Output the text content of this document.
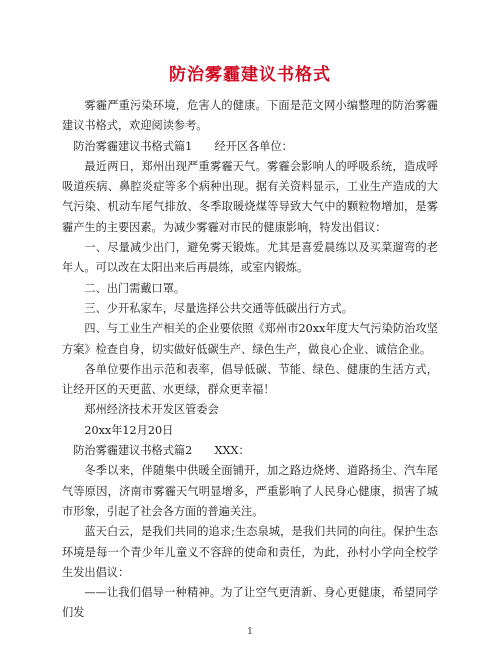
防治雾霾建议书格式

雾霾严重污染环境，危害人的健康。下面是范文网小编整理的防治雾霾建议书格式，欢迎阅读参考。

防治雾霾建议书格式篇1　　经开区各单位：

最近两日，郑州出现严重雾霾天气。雾霾会影响人的呼吸系统，造成呼吸道疾病、鼻腔炎症等多个病种出现。据有关资料显示，工业生产造成的大气污染、机动车尾气排放、冬季取暖烧煤等导致大气中的颗粒物增加，是雾霾产生的主要因素。为减少雾霾对市民的健康影响，特发出倡议：

一、尽量减少出门，避免雾天锻炼。尤其是喜爱晨练以及买菜遛弯的老年人。可以改在太阳出来后再晨练，或室内锻炼。

二、出门需戴口罩。

三、少开私家车，尽量选择公共交通等低碳出行方式。

四、与工业生产相关的企业要依照《郑州市20xx年度大气污染防治攻坚方案》检查自身，切实做好低碳生产、绿色生产，做良心企业、诚信企业。

各单位要作出示范和表率，倡导低碳、节能、绿色、健康的生活方式，让经开区的天更蓝、水更绿，群众更幸福！

郑州经济技术开发区管委会

20xx年12月20日

防治雾霾建议书格式篇2　　XXX：

冬季以来，伴随集中供暖全面铺开，加之路边烧烤、道路扬尘、汽车尾气等原因，济南市雾霾天气明显增多，严重影响了人民身心健康，损害了城市形象，引起了社会各方面的普遍关注。

蓝天白云，是我们共同的追求;生态泉城，是我们共同的向往。保护生态环境是每一个青少年儿童义不容辞的使命和责任，为此，孙村小学向全校学生发出倡议：

——让我们倡导一种精神。为了让空气更清新、身心更健康，希望同学们发

1
